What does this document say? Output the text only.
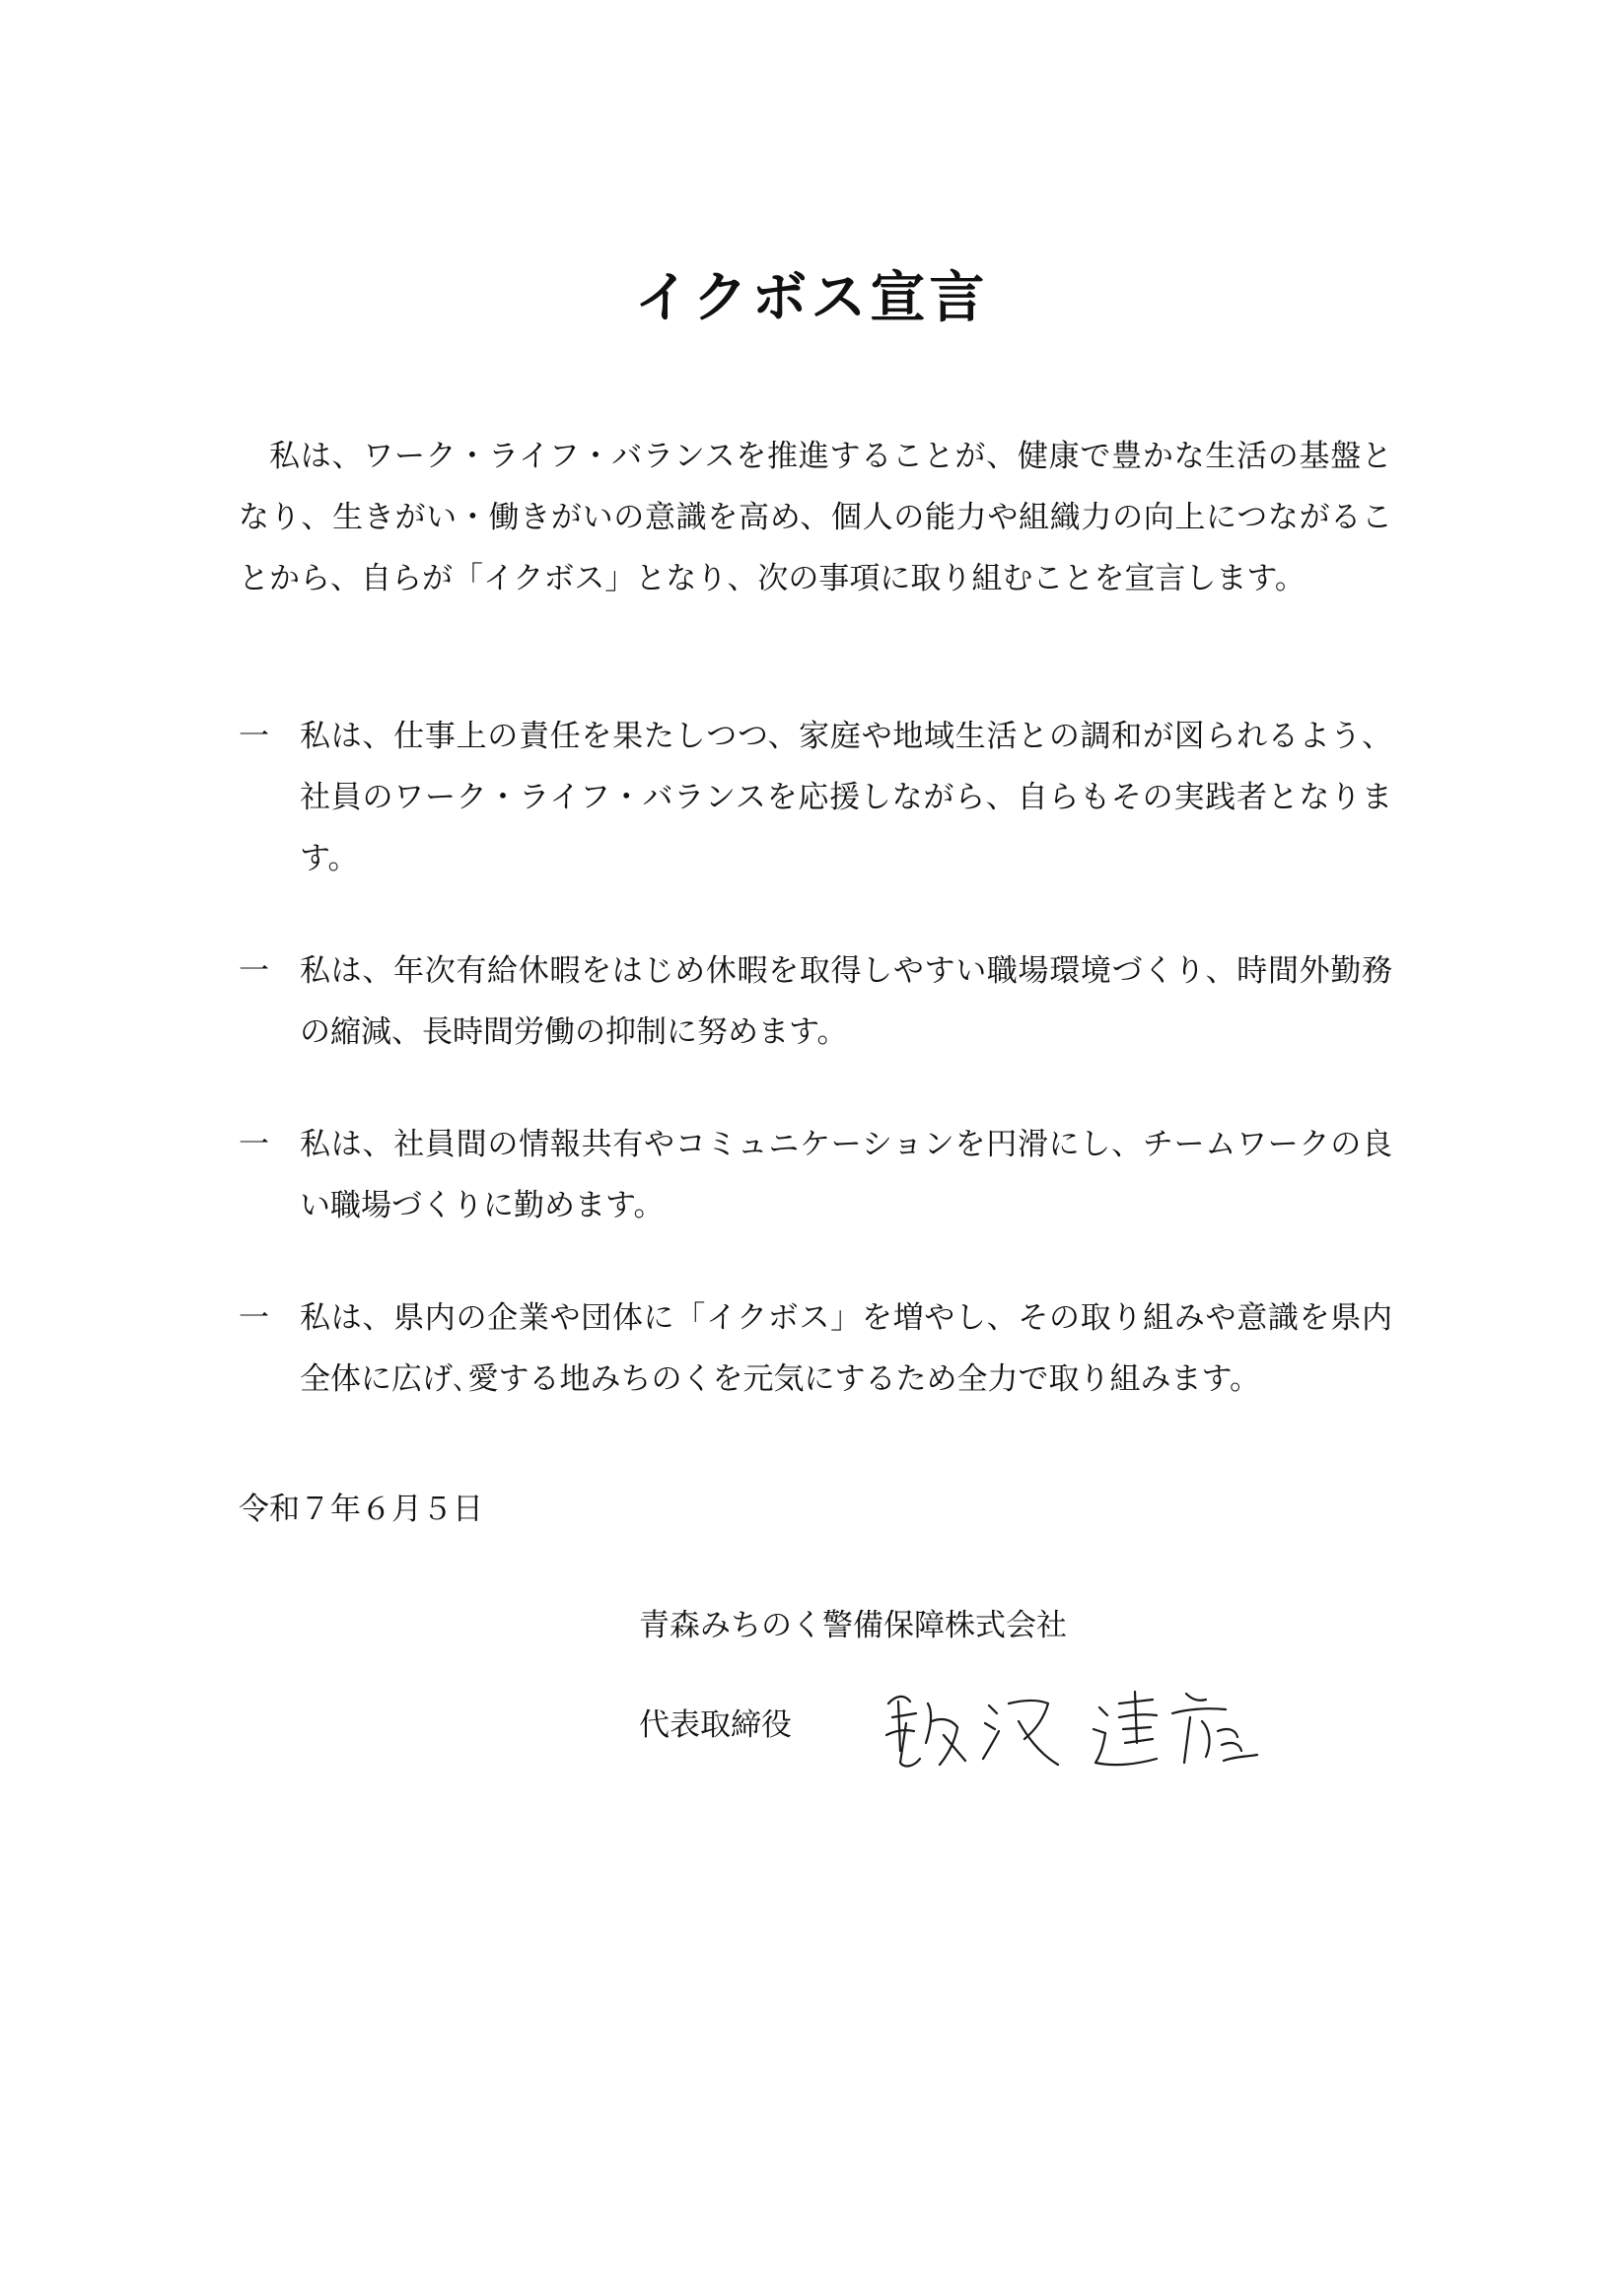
イクボス宣言
私は、ワーク・ライフ・バランスを推進することが、健康で豊かな生活の基盤となり、生きがい・働きがいの意識を高め、個人の能力や組織力の向上につながることから、自らが「イクボス」となり、次の事項に取り組むことを宣言します。
一	私は、仕事上の責任を果たしつつ、家庭や地域生活との調和が図られるよう、社員のワーク・ライフ・バランスを応援しながら、自らもその実践者となります。
一	私は、年次有給休暇をはじめ休暇を取得しやすい職場環境づくり、時間外勤務の縮減、長時間労働の抑制に努めます。
一	私は、社員間の情報共有やコミュニケーションを円滑にし、チームワークの良い職場づくりに勤めます。
一	私は、県内の企業や団体に「イクボス」を増やし、その取り組みや意識を県内全体に広げ､愛する地みちのくを元気にするため全力で取り組みます。
令和７年６月５日
青森みちのく警備保障株式会社
代表取締役
蛯沢 達彦
